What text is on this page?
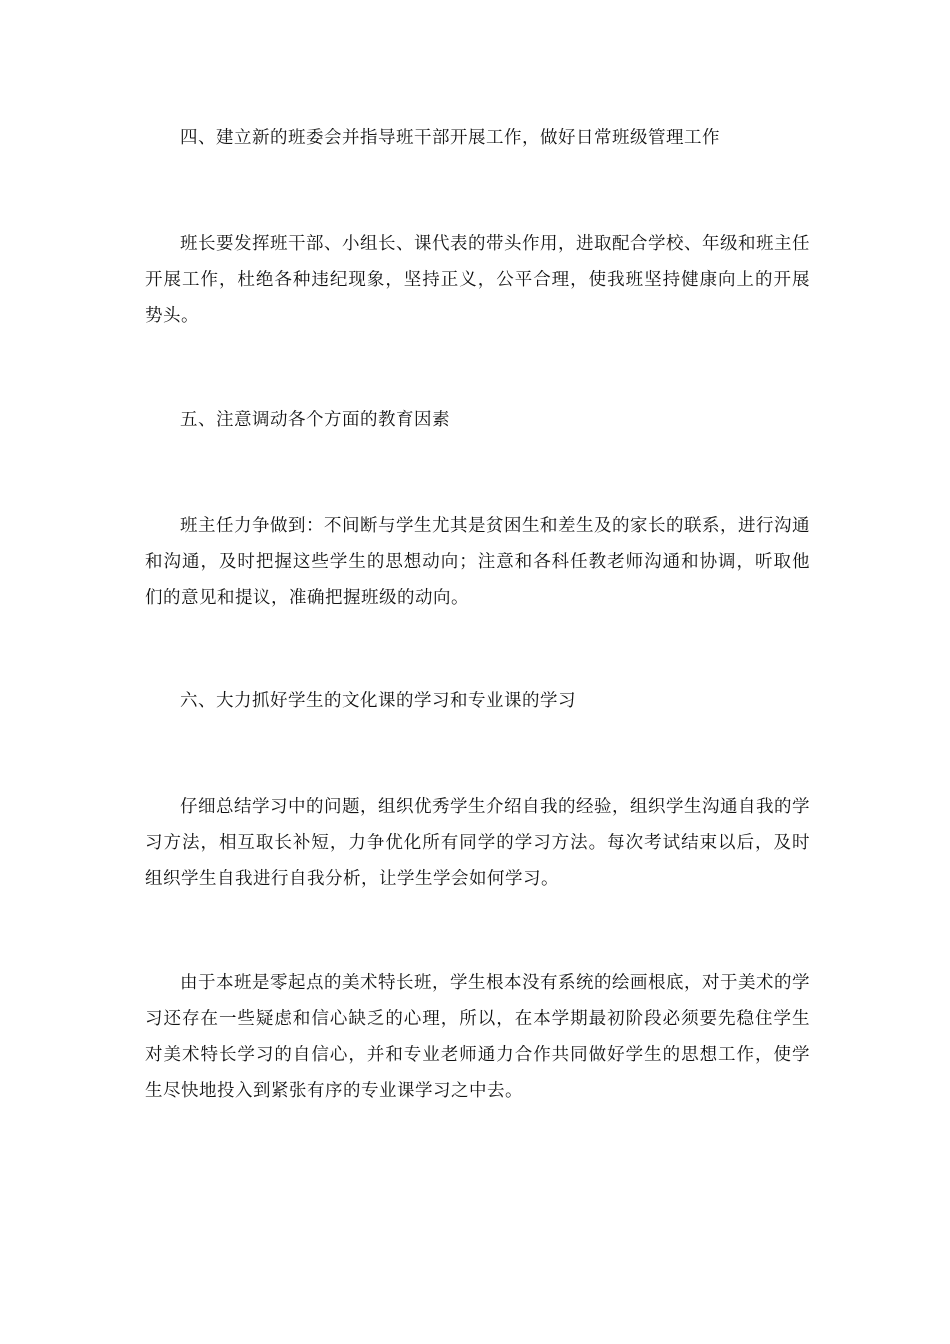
四、建立新的班委会并指导班干部开展工作，做好日常班级管理工作

班长要发挥班干部、小组长、课代表的带头作用，进取配合学校、年级和班主任开展工作，杜绝各种违纪现象，坚持正义，公平合理，使我班坚持健康向上的开展势头。

五、注意调动各个方面的教育因素

班主任力争做到：不间断与学生尤其是贫困生和差生及的家长的联系，进行沟通和沟通，及时把握这些学生的思想动向；注意和各科任教老师沟通和协调，听取他们的意见和提议，准确把握班级的动向。

六、大力抓好学生的文化课的学习和专业课的学习

仔细总结学习中的问题，组织优秀学生介绍自我的经验，组织学生沟通自我的学习方法，相互取长补短，力争优化所有同学的学习方法。每次考试结束以后，及时组织学生自我进行自我分析，让学生学会如何学习。

由于本班是零起点的美术特长班，学生根本没有系统的绘画根底，对于美术的学习还存在一些疑虑和信心缺乏的心理，所以，在本学期最初阶段必须要先稳住学生对美术特长学习的自信心，并和专业老师通力合作共同做好学生的思想工作，使学生尽快地投入到紧张有序的专业课学习之中去。
